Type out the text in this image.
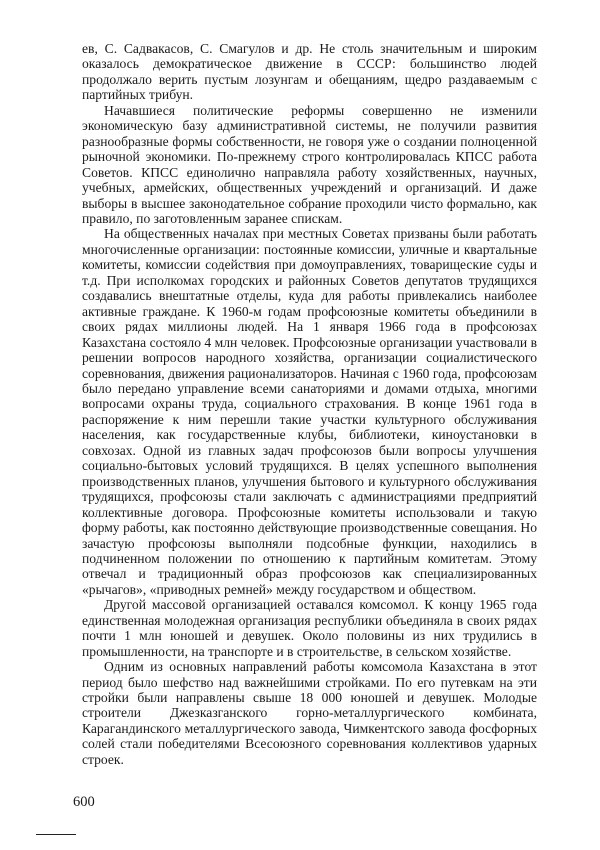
ев, С. Садвакасов, С. Смагулов и др. Не столь значительным и широким оказалось демократическое движение в СССР: большинство людей продолжало верить пустым лозунгам и обещаниям, щедро раздаваемым с партийных трибун.

Начавшиеся политические реформы совершенно не изменили экономическую базу административной системы, не получили развития разнообразные формы собственности, не говоря уже о создании полноценной рыночной экономики. По-прежнему строго контролировалась КПСС работа Советов. КПСС единолично направляла работу хозяйственных, научных, учебных, армейских, общественных учреждений и организаций. И даже выборы в высшее законодательное собрание проходили чисто формально, как правило, по заготовленным заранее спискам.

На общественных началах при местных Советах призваны были работать многочисленные организации: постоянные комиссии, уличные и квартальные комитеты, комиссии содействия при домоуправлениях, товарищеские суды и т.д. При исполкомах городских и районных Советов депутатов трудящихся создавались внештатные отделы, куда для работы привлекались наиболее активные граждане. К 1960-м годам профсоюзные комитеты объединили в своих рядах миллионы людей. На 1 января 1966 года в профсоюзах Казахстана состояло 4 млн человек. Профсоюзные организации участвовали в решении вопросов народного хозяйства, организации социалистического соревнования, движения рационализаторов. Начиная с 1960 года, профсоюзам было передано управление всеми санаториями и домами отдыха, многими вопросами охраны труда, социального страхования. В конце 1961 года в распоряжение к ним перешли такие участки культурного обслуживания населения, как государственные клубы, библиотеки, киноустановки в совхозах. Одной из главных задач профсоюзов были вопросы улучшения социально-бытовых условий трудящихся. В целях успешного выполнения производственных планов, улучшения бытового и культурного обслуживания трудящихся, профсоюзы стали заключать с администрациями предприятий коллективные договора. Профсоюзные комитеты использовали и такую форму работы, как постоянно действующие производственные совещания. Но зачастую профсоюзы выполняли подсобные функции, находились в подчиненном положении по отношению к партийным комитетам. Этому отвечал и традиционный образ профсоюзов как специализированных «рычагов», «приводных ремней» между государством и обществом.

Другой массовой организацией оставался комсомол. К концу 1965 года единственная молодежная организация республики объединяла в своих рядах почти 1 млн юношей и девушек. Около половины из них трудились в промышленности, на транспорте и в строительстве, в сельском хозяйстве.

Одним из основных направлений работы комсомола Казахстана в этот период было шефство над важнейшими стройками. По его путевкам на эти стройки были направлены свыше 18 000 юношей и девушек. Молодые строители Джезказганского горно-металлургического комбината, Карагандинского металлургического завода, Чимкентского завода фосфорных солей стали победителями Всесоюзного соревнования коллективов ударных строек.

600
